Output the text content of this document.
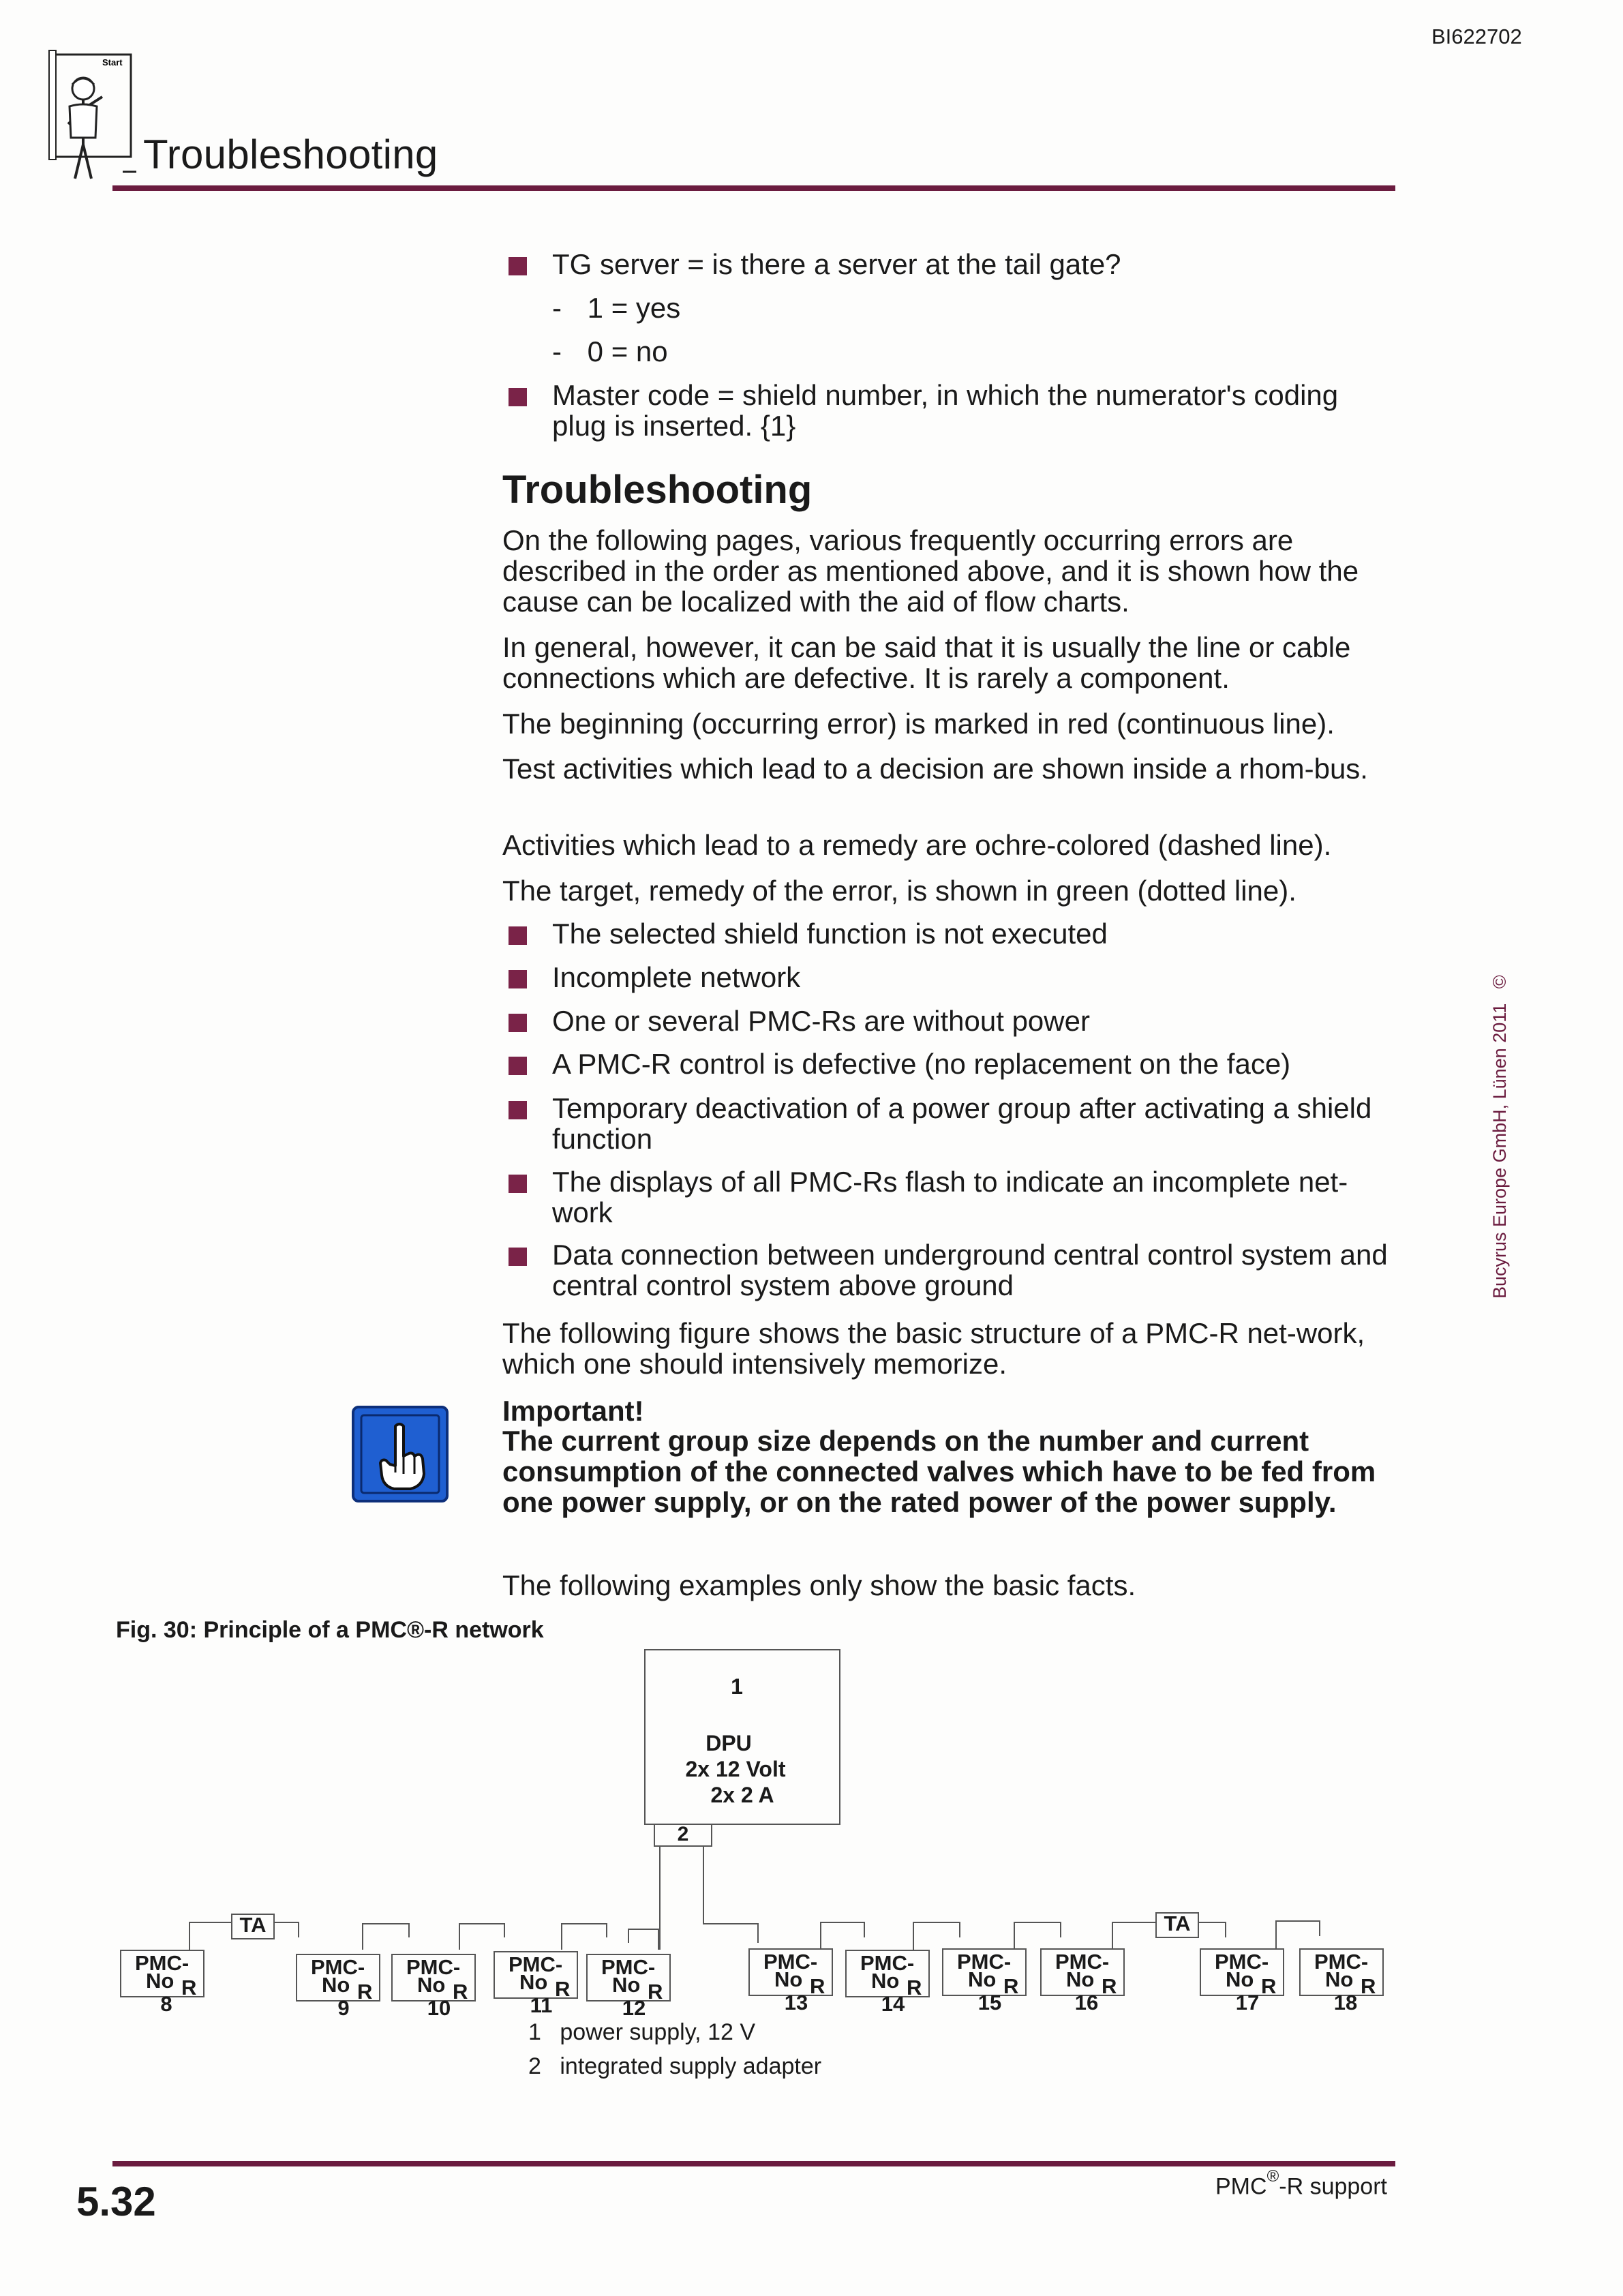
BI622702
Start
Troubleshooting
TG server = is there a server at the tail gate?
- 1 = yes
- 0 = no
Master code = shield number, in which the numerator's coding plug is inserted. {1}
Troubleshooting
On the following pages, various frequently occurring errors are described in the order as mentioned above, and it is shown how the cause can be localized with the aid of flow charts.
In general, however, it can be said that it is usually the line or cable connections which are defective. It is rarely a component.
The beginning (occurring error) is marked in red (continuous line).
Test activities which lead to a decision are shown inside a rhom-bus.
Activities which lead to a remedy are ochre-colored (dashed line).
The target, remedy of the error, is shown in green (dotted line).
The selected shield function is not executed
Incomplete network
One or several PMC-Rs are without power
A PMC-R control is defective (no replacement on the face)
Temporary deactivation of a power group after activating a shield function
The displays of all PMC-Rs flash to indicate an incomplete net-work
Data connection between underground central control system and central control system above ground
The following figure shows the basic structure of a PMC-R net-work, which one should intensively memorize.
Important!
The current group size depends on the number and current consumption of the connected valves which have to be fed from one power supply, or on the rated power of the power supply.
The following examples only show the basic facts.
Fig. 30: Principle of a PMC®-R network
1
DPU
2x 12 Volt
2x 2 A
2
TA	TA
PMC-
No R
8
PMC-
No R
9
PMC-
No R
10
PMC-
No R
11
PMC-
No R
12
PMC-
No R
13
PMC-
No R
14
PMC-
No R
15
PMC-
No R
16
PMC-
No R
17
PMC-
No R
18
1 power supply, 12 V
2 integrated supply adapter
5.32	PMC®-R support
Bucyrus Europe GmbH, Lünen 2011 ©
